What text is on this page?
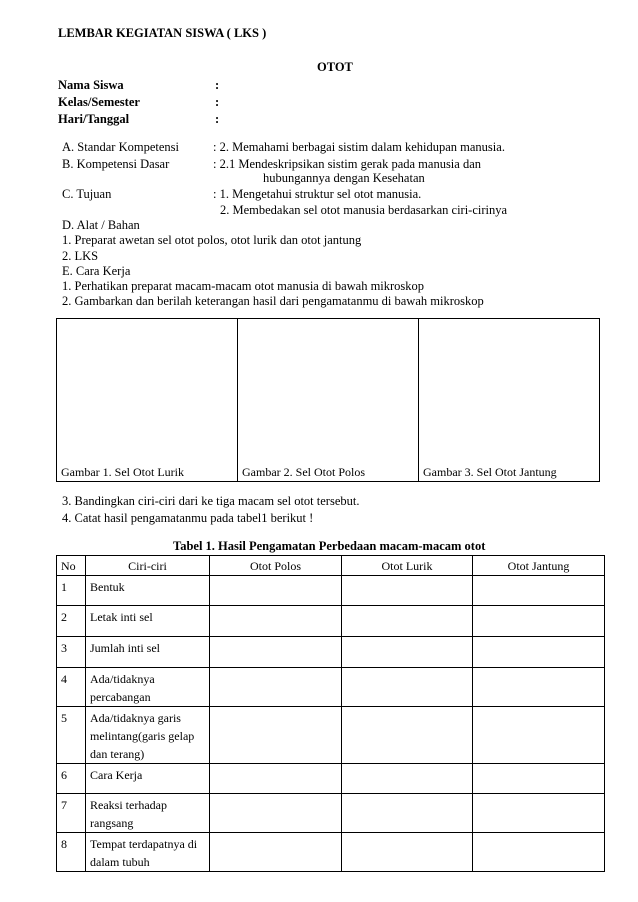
LEMBAR KEGIATAN SISWA ( LKS )
OTOT
Nama Siswa	:
Kelas/Semester	:
Hari/Tanggal	:
A. Standar Kompetensi	: 2. Memahami berbagai sistim dalam kehidupan manusia.
B. Kompetensi Dasar	: 2.1 Mendeskripsikan sistim gerak pada manusia dan
hubungannya dengan Kesehatan
C. Tujuan	: 1. Mengetahui struktur sel otot manusia.
2. Membedakan sel otot manusia berdasarkan ciri-cirinya
D. Alat / Bahan
1. Preparat awetan sel otot polos, otot lurik dan otot jantung
2. LKS
E. Cara Kerja
1. Perhatikan preparat macam-macam otot manusia di bawah mikroskop
2. Gambarkan dan berilah keterangan hasil dari pengamatanmu di bawah mikroskop
Gambar 1. Sel Otot Lurik	Gambar 2. Sel Otot Polos	Gambar 3. Sel Otot Jantung
3. Bandingkan ciri-ciri dari ke tiga macam sel otot tersebut.
4. Catat hasil pengamatanmu pada tabel1 berikut !
Tabel 1. Hasil Pengamatan Perbedaan macam-macam otot
No	Ciri-ciri	Otot Polos	Otot Lurik	Otot Jantung
1	Bentuk			
2	Letak inti sel			
3	Jumlah inti sel			
4	Ada/tidaknya percabangan			
5	Ada/tidaknya garis melintang(garis gelap dan terang)			
6	Cara Kerja			
7	Reaksi terhadap rangsang			
8	Tempat terdapatnya di dalam tubuh			
